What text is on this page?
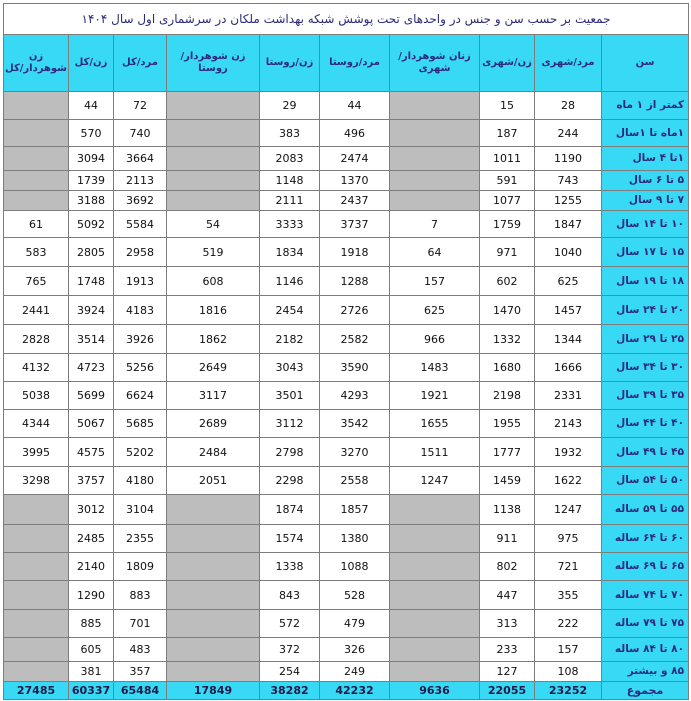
جمعیت بر حسب سن و جنس در واحدهای تحت پوشش شبکه بهداشت ملکان در سرشماری اول سال ۱۴۰۴									
سن	مرد/شهری	زن/شهری	زنان شوهردار/شهری	مرد/روستا	زن/روستا	زن شوهردار/روستا	مرد/کل	زن/کل	زن شوهردار/کل
کمتر از ۱ ماه	28	15		44	29		72	44	
۱ماه تا ۱سال	244	187		496	383		740	570	
۱تا ۴ سال	1190	1011		2474	2083		3664	3094	
۵ تا ۶ سال	743	591		1370	1148		2113	1739	
۷ تا ۹ سال	1255	1077		2437	2111		3692	3188	
۱۰ تا ۱۴ سال	1847	1759	7	3737	3333	54	5584	5092	61
۱۵ تا ۱۷ سال	1040	971	64	1918	1834	519	2958	2805	583
۱۸ تا ۱۹ سال	625	602	157	1288	1146	608	1913	1748	765
۲۰ تا ۲۴ سال	1457	1470	625	2726	2454	1816	4183	3924	2441
۲۵ تا ۲۹ سال	1344	1332	966	2582	2182	1862	3926	3514	2828
۳۰ تا ۳۴ سال	1666	1680	1483	3590	3043	2649	5256	4723	4132
۳۵ تا ۳۹ سال	2331	2198	1921	4293	3501	3117	6624	5699	5038
۴۰ تا ۴۴ سال	2143	1955	1655	3542	3112	2689	5685	5067	4344
۴۵ تا ۴۹ سال	1932	1777	1511	3270	2798	2484	5202	4575	3995
۵۰ تا ۵۴ سال	1622	1459	1247	2558	2298	2051	4180	3757	3298
۵۵ تا ۵۹ ساله	1247	1138		1857	1874		3104	3012	
۶۰ تا ۶۴ ساله	975	911		1380	1574		2355	2485	
۶۵ تا ۶۹ ساله	721	802		1088	1338		1809	2140	
۷۰ تا ۷۴ ساله	355	447		528	843		883	1290	
۷۵ تا ۷۹ ساله	222	313		479	572		701	885	
۸۰ تا ۸۴ ساله	157	233		326	372		483	605	
۸۵ و بیشتر	108	127		249	254		357	381	
مجموع	23252	22055	9636	42232	38282	17849	65484	60337	27485
